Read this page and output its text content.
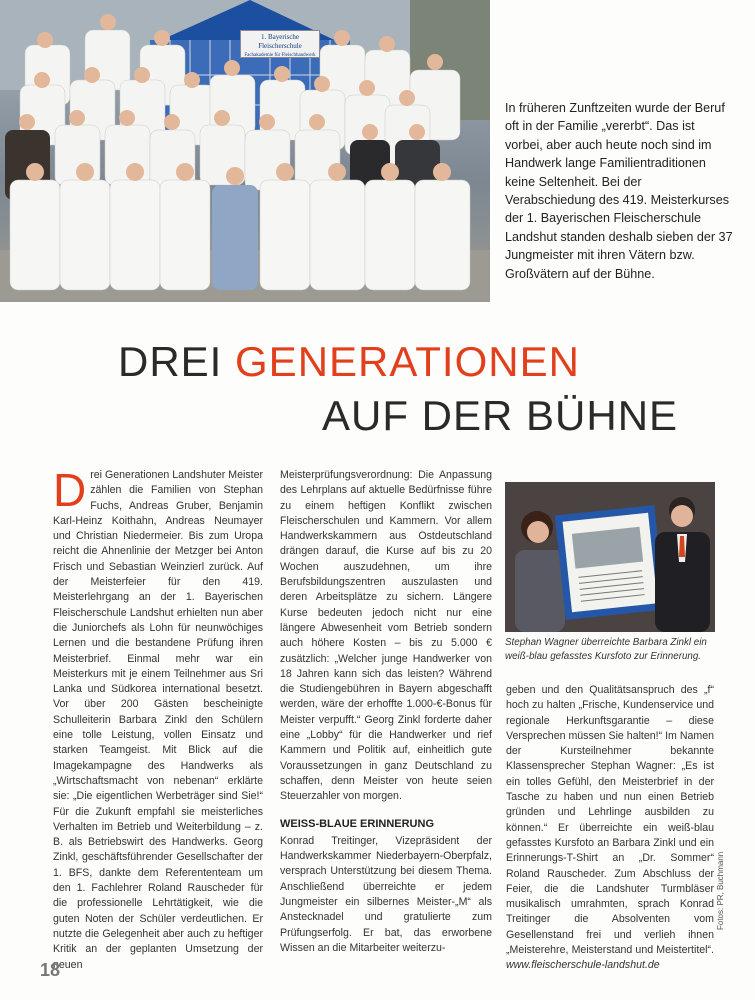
1. Bayerische Fleischerschule
Fachakademie für Fleischhandwerk
In früheren Zunftzeiten wurde der Beruf oft in der Familie „vererbt“. Das ist vorbei, aber auch heute noch sind im Handwerk lange Familientraditionen keine Seltenheit. Bei der Verabschiedung des 419. Meisterkurses der 1. Bayerischen Fleischerschule Landshut standen deshalb sieben der 37 Jungmeister mit ihren Vätern bzw. Großvätern auf der Bühne.
DREI GENERATIONEN
AUF DER BÜHNE

Drei Generationen Landshuter Meister zählen die Familien von Stephan Fuchs, Andreas Gruber, Benjamin Karl-Heinz Koithahn, Andreas Neumayer und Christian Niedermeier. Bis zum Uropa reicht die Ahnenlinie der Metzger bei Anton Frisch und Sebastian Weinzierl zurück. Auf der Meisterfeier für den 419. Meisterlehrgang an der 1. Bayerischen Fleischerschule Landshut erhielten nun aber die Juniorchefs als Lohn für neunwöchiges Lernen und die bestandene Prüfung ihren Meisterbrief. Einmal mehr war ein Meisterkurs mit je einem Teilnehmer aus Sri Lanka und Südkorea international besetzt. Vor über 200 Gästen bescheinigte Schulleiterin Barbara Zinkl den Schülern eine tolle Leistung, vollen Einsatz und starken Teamgeist. Mit Blick auf die Imagekampagne des Handwerks als „Wirtschaftsmacht von nebenan“ erklärte sie: „Die eigentlichen Werbeträger sind Sie!“ Für die Zukunft empfahl sie meisterliches Verhalten im Betrieb und Weiterbildung – z. B. als Betriebswirt des Handwerks. Georg Zinkl, geschäftsführender Gesellschafter der 1. BFS, dankte dem Referententeam um den 1. Fachlehrer Roland Rauscheder für die professionelle Lehrtätigkeit, wie die guten Noten der Schüler verdeutlichen. Er nutzte die Gelegenheit aber auch zu heftiger Kritik an der geplanten Umsetzung der neuen

Meisterprüfungsverordnung: Die Anpassung des Lehrplans auf aktuelle Bedürfnisse führe zu einem heftigen Konflikt zwischen Fleischerschulen und Kammern. Vor allem Handwerkskammern aus Ostdeutschland drängen darauf, die Kurse auf bis zu 20 Wochen auszudehnen, um ihre Berufsbildungszentren auszulasten und deren Arbeitsplätze zu sichern. Längere Kurse bedeuten jedoch nicht nur eine längere Abwesenheit vom Betrieb sondern auch höhere Kosten – bis zu 5.000 € zusätzlich: „Welcher junge Handwerker von 18 Jahren kann sich das leisten? Während die Studiengebühren in Bayern abgeschafft werden, wäre der erhoffte 1.000-€-Bonus für Meister verpufft.“ Georg Zinkl forderte daher eine „Lobby“ für die Handwerker und rief Kammern und Politik auf, einheitlich gute Voraussetzungen in ganz Deutschland zu schaffen, denn Meister von heute seien Steuerzahler von morgen.

WEISS-BLAUE ERINNERUNG

Konrad Treitinger, Vizepräsident der Handwerkskammer Niederbayern-Oberpfalz, versprach Unterstützung bei diesem Thema. Anschließend überreichte er jedem Jungmeister ein silbernes Meister-„M“ als Anstecknadel und gratulierte zum Prüfungserfolg. Er bat, das erworbene Wissen an die Mitarbeiter weiterzu-

Stephan Wagner überreichte Barbara Zinkl ein weiß-blau gefasstes Kursfoto zur Erinnerung.

geben und den Qualitätsanspruch des „f“ hoch zu halten „Frische, Kundenservice und regionale Herkunftsgarantie – diese Versprechen müssen Sie halten!“ Im Namen der Kursteilnehmer bekannte Klassensprecher Stephan Wagner: „Es ist ein tolles Gefühl, den Meisterbrief in der Tasche zu haben und nun einen Betrieb gründen und Lehrlinge ausbilden zu können.“ Er überreichte ein weiß-blau gefasstes Kursfoto an Barbara Zinkl und ein Erinnerungs-T-Shirt an „Dr. Sommer“ Roland Rauscheder. Zum Abschluss der Feier, die die Landshuter Turmbläser musikalisch umrahmten, sprach Konrad Treitinger die Absolventen vom Gesellenstand frei und verlieh ihnen „Meisterehre, Meisterstand und Meistertitel“. www.fleischerschule-landshut.de

Fotos: PR, Buchmann
18
